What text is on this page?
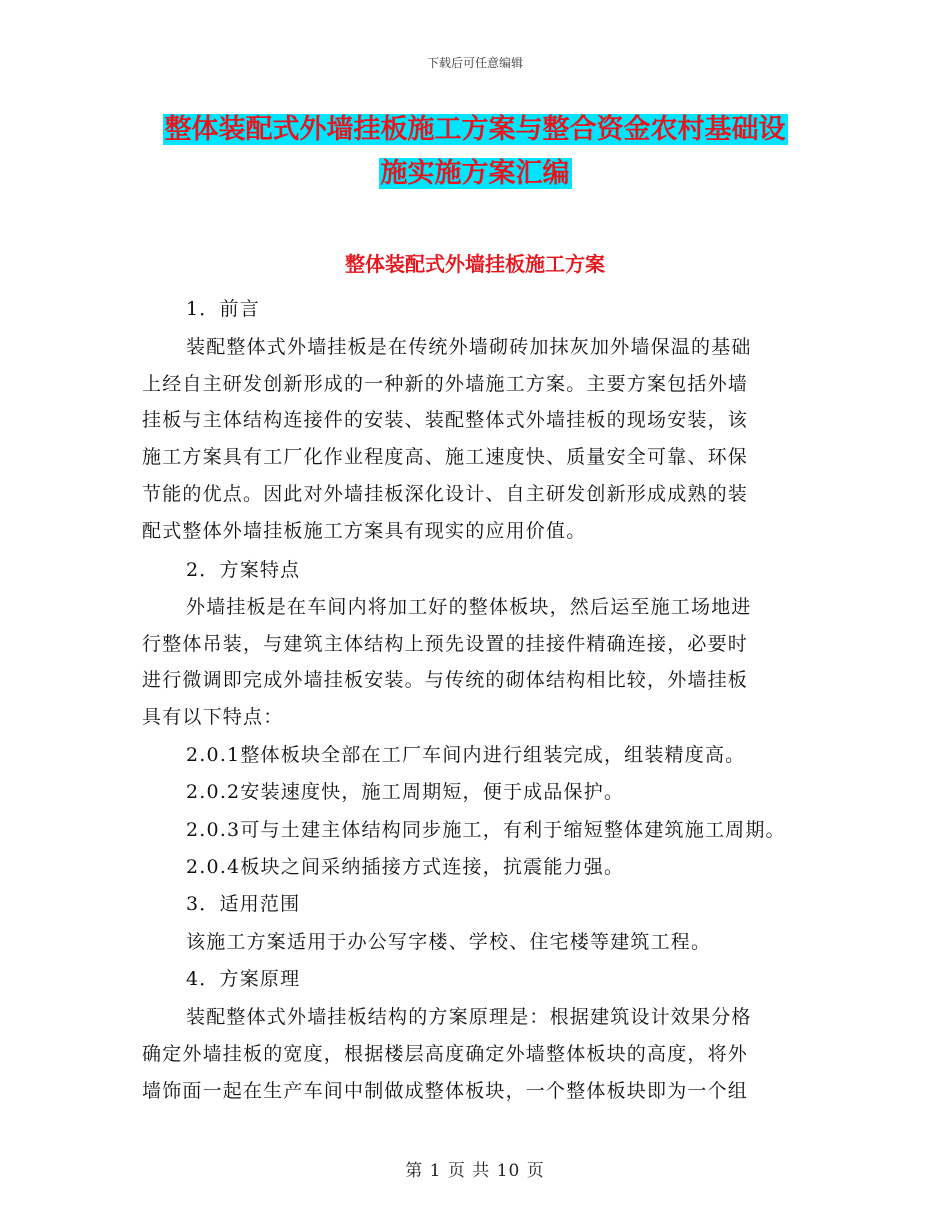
下载后可任意编辑
整体装配式外墙挂板施工方案与整合资金农村基础设
施实施方案汇编
整体装配式外墙挂板施工方案
1．前言
装配整体式外墙挂板是在传统外墙砌砖加抹灰加外墙保温的基础
上经自主研发创新形成的一种新的外墙施工方案。主要方案包括外墙
挂板与主体结构连接件的安装、装配整体式外墙挂板的现场安装，该
施工方案具有工厂化作业程度高、施工速度快、质量安全可靠、环保
节能的优点。因此对外墙挂板深化设计、自主研发创新形成成熟的装
配式整体外墙挂板施工方案具有现实的应用价值。
2．方案特点
外墙挂板是在车间内将加工好的整体板块，然后运至施工场地进
行整体吊装，与建筑主体结构上预先设置的挂接件精确连接，必要时
进行微调即完成外墙挂板安装。与传统的砌体结构相比较，外墙挂板
具有以下特点：
2.0.1整体板块全部在工厂车间内进行组装完成，组装精度高。
2.0.2安装速度快，施工周期短，便于成品保护。
2.0.3可与土建主体结构同步施工，有利于缩短整体建筑施工周期。
2.0.4板块之间采纳插接方式连接，抗震能力强。
3．适用范围
该施工方案适用于办公写字楼、学校、住宅楼等建筑工程。
4．方案原理
装配整体式外墙挂板结构的方案原理是：根据建筑设计效果分格
确定外墙挂板的宽度，根据楼层高度确定外墙整体板块的高度，将外
墙饰面一起在生产车间中制做成整体板块，一个整体板块即为一个组
第 1 页 共 10 页
